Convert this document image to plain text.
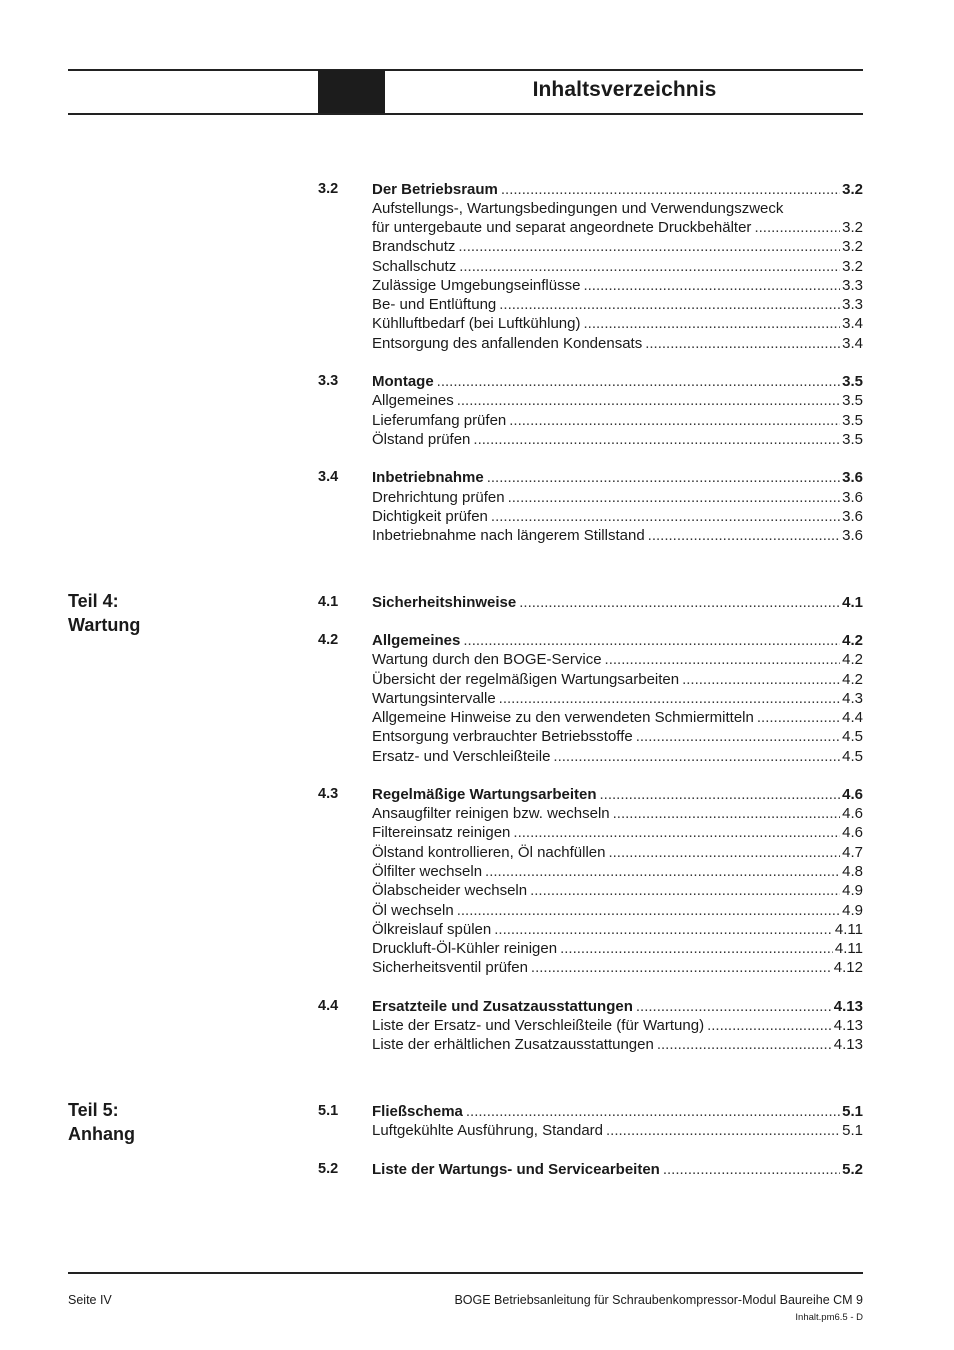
Inhaltsverzeichnis
Teil 4:
Wartung
Teil 5:
Anhang
3.2 Der Betriebsraum .....	3.2
Aufstellungs-, Wartungsbedingungen und Verwendungszweck
für untergebaute und separat angeordnete Druckbehälter .....	3.2
Brandschutz .....	3.2
Schallschutz .....	3.2
Zulässige Umgebungseinflüsse .....	3.3
Be- und Entlüftung .....	3.3
Kühlluftbedarf (bei Luftkühlung) .....	3.4
Entsorgung des anfallenden Kondensats .....	3.4
3.3 Montage .....	3.5
Allgemeines .....	3.5
Lieferumfang prüfen .....	3.5
Ölstand prüfen .....	3.5
3.4 Inbetriebnahme .....	3.6
Drehrichtung prüfen .....	3.6
Dichtigkeit prüfen .....	3.6
Inbetriebnahme nach längerem Stillstand .....	3.6
4.1 Sicherheitshinweise .....	4.1
4.2 Allgemeines .....	4.2
Wartung durch den BOGE-Service .....	4.2
Übersicht der regelmäßigen Wartungsarbeiten .....	4.2
Wartungsintervalle .....	4.3
Allgemeine Hinweise zu den verwendeten Schmiermitteln .....	4.4
Entsorgung verbrauchter Betriebsstoffe .....	4.5
Ersatz- und Verschleißteile .....	4.5
4.3 Regelmäßige Wartungsarbeiten .....	4.6
Ansaugfilter reinigen bzw. wechseln .....	4.6
Filtereinsatz reinigen .....	4.6
Ölstand kontrollieren, Öl nachfüllen .....	4.7
Ölfilter wechseln .....	4.8
Ölabscheider wechseln .....	4.9
Öl wechseln .....	4.9
Ölkreislauf spülen .....	4.11
Druckluft-Öl-Kühler reinigen .....	4.11
Sicherheitsventil prüfen .....	4.12
4.4 Ersatzteile und Zusatzausstattungen .....	4.13
Liste der Ersatz- und Verschleißteile (für Wartung) .....	4.13
Liste der erhältlichen Zusatzausstattungen .....	4.13
5.1 Fließschema .....	5.1
Luftgekühlte Ausführung, Standard .....	5.1
5.2 Liste der Wartungs- und Servicearbeiten .....	5.2
Seite IV	BOGE Betriebsanleitung für Schraubenkompressor-Modul Baureihe CM 9
Inhalt.pm6.5 - D
